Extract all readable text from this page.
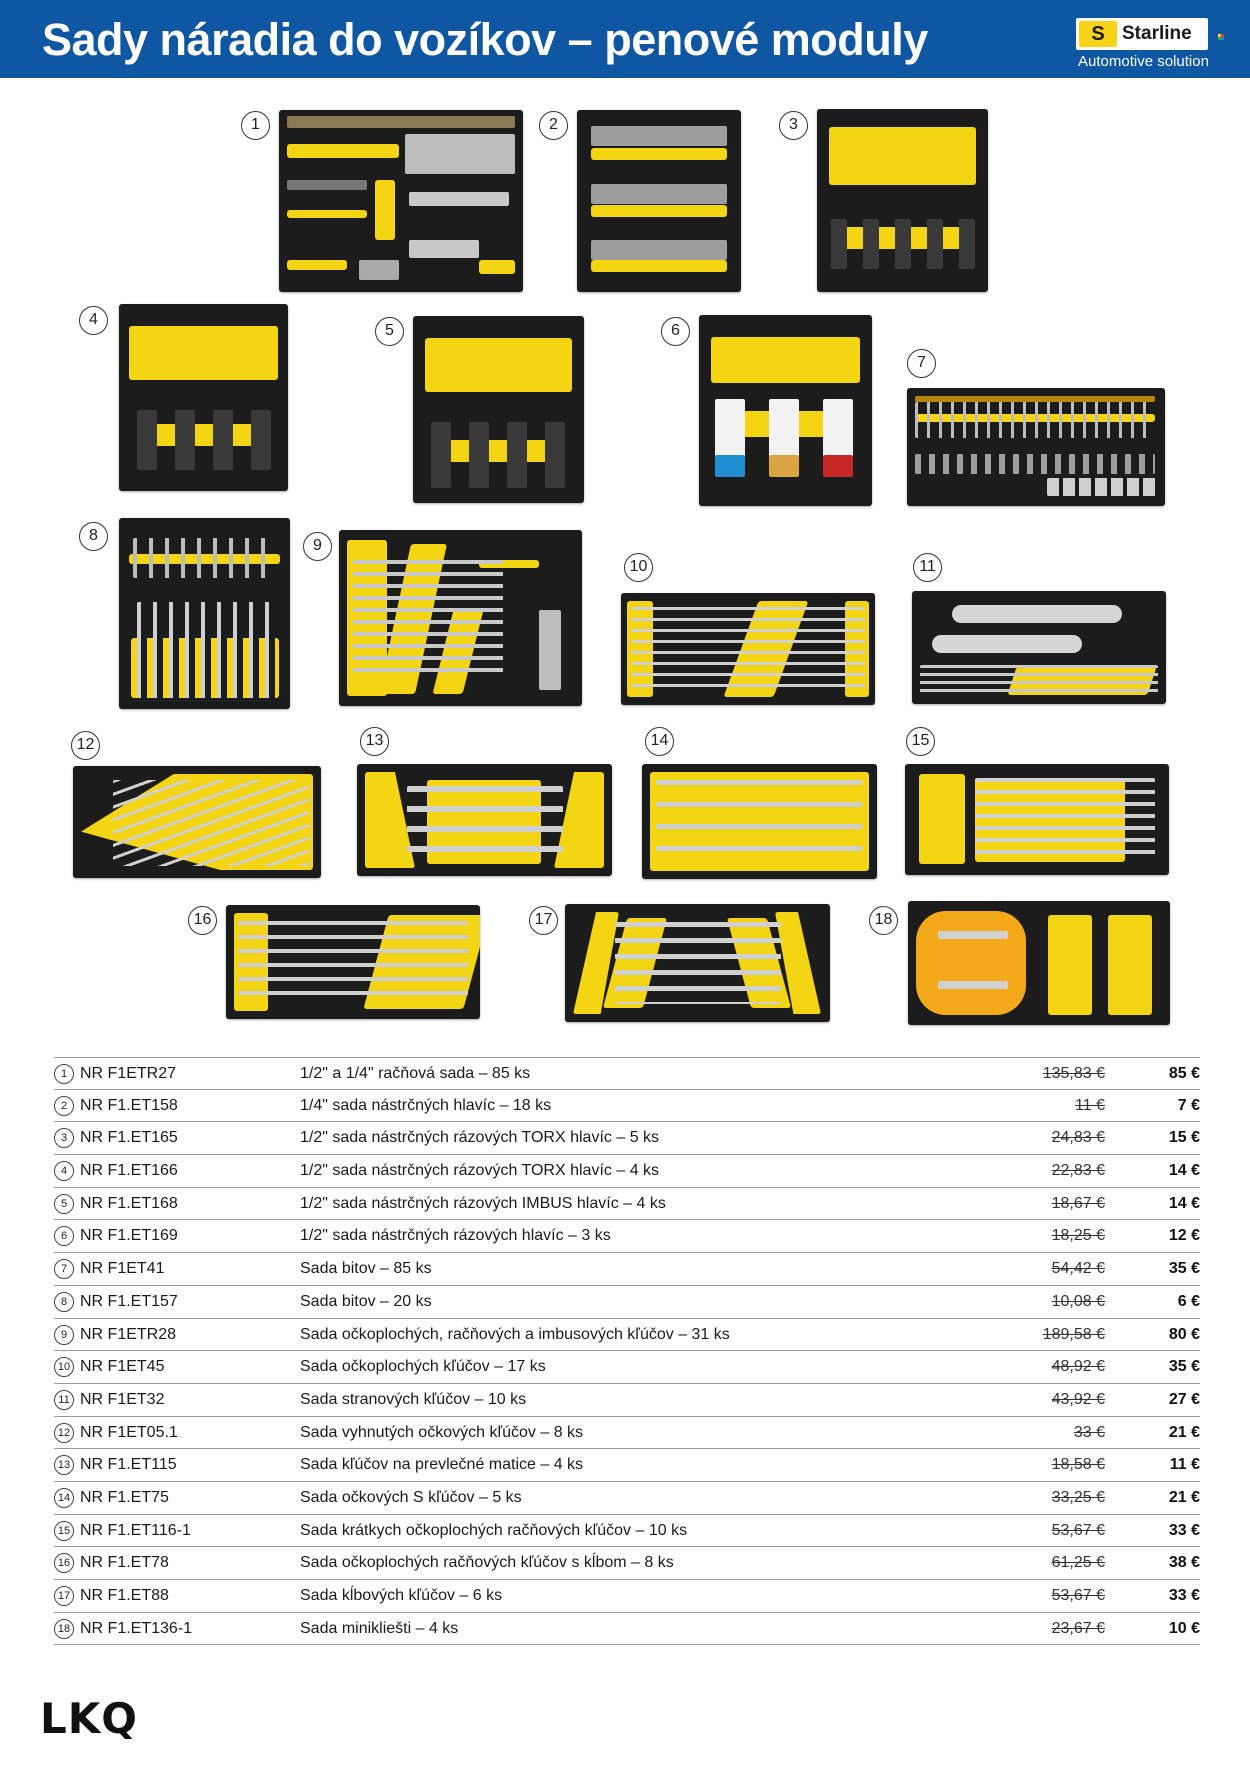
Sady náradia do vozíkov – penové moduly	S Starline
Automotive solution
1	2	3
4
5	6
7
8
9
10	11
12	13	14	15
16	17	18
1 NR F1ETR27	1/2" a 1/4" račňová sada – 85 ks	135,83 €	85 €
2 NR F1.ET158	1/4" sada nástrčných hlavíc – 18 ks	11 €	7 €
3 NR F1.ET165	1/2" sada nástrčných rázových TORX hlavíc – 5 ks	24,83 €	15 €
4 NR F1.ET166	1/2" sada nástrčných rázových TORX hlavíc – 4 ks	22,83 €	14 €
5 NR F1.ET168	1/2" sada nástrčných rázových IMBUS hlavíc – 4 ks	18,67 €	14 €
6 NR F1.ET169	1/2" sada nástrčných rázových hlavíc – 3 ks	18,25 €	12 €
7 NR F1ET41	Sada bitov – 85 ks	54,42 €	35 €
8 NR F1.ET157	Sada bitov – 20 ks	10,08 €	6 €
9 NR F1ETR28	Sada očkoplochých, račňových a imbusových kľúčov – 31 ks	189,58 €	80 €
10 NR F1ET45	Sada očkoplochých kľúčov – 17 ks	48,92 €	35 €
11 NR F1ET32	Sada stranových kľúčov – 10 ks	43,92 €	27 €
12 NR F1ET05.1	Sada vyhnutých očkových kľúčov – 8 ks	33 €	21 €
13 NR F1.ET115	Sada kľúčov na prevlečné matice – 4 ks	18,58 €	11 €
14 NR F1.ET75	Sada očkových S kľúčov – 5 ks	33,25 €	21 €
15 NR F1.ET116-1	Sada krátkych očkoplochých račňových kľúčov – 10 ks	53,67 €	33 €
16 NR F1.ET78	Sada očkoplochých račňových kľúčov s kĺbom – 8 ks	61,25 €	38 €
17 NR F1.ET88	Sada kĺbových kľúčov – 6 ks	53,67 €	33 €
18 NR F1.ET136-1	Sada minikliešti – 4 ks	23,67 €	10 €
LKQ
